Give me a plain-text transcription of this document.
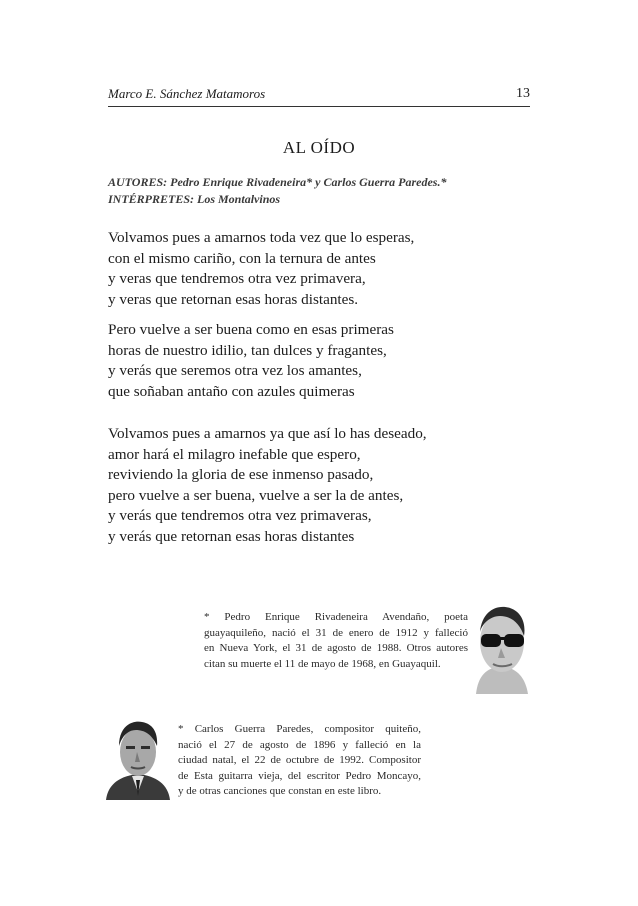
Marco E. Sánchez Matamoros	13
AL OÍDO
AUTORES: Pedro Enrique Rivadeneira* y Carlos Guerra Paredes.*
INTÉRPRETES: Los Montalvinos
Volvamos pues a amarnos toda vez que lo esperas,
con el mismo cariño, con la ternura de antes
y veras que tendremos otra vez primavera,
y veras que retornan esas horas distantes.
Pero vuelve a ser buena como en esas primeras
horas de nuestro idilio, tan dulces y fragantes,
y verás que seremos otra vez los amantes,
que soñaban antaño con azules quimeras
Volvamos pues a amarnos ya que así lo has deseado,
amor hará el milagro inefable que espero,
reviviendo la gloria de ese inmenso pasado,
pero vuelve a ser buena, vuelve a ser la de antes,
y verás que tendremos otra vez primaveras,
y verás que retornan esas horas distantes
* Pedro Enrique Rivadeneira Avendaño, poeta
guayaquileño, nació el 31 de enero de 1912 y falleció
en Nueva York, el 31 de agosto de 1988. Otros autores
citan su muerte el 11 de mayo de 1968, en Guayaquil.
* Carlos Guerra Paredes, compositor quiteño,
nació el 27 de agosto de 1896 y falleció en la
ciudad natal, el 22 de octubre de 1992. Compositor
de Esta guitarra vieja, del escritor Pedro Moncayo,
y de otras canciones que constan en este libro.
